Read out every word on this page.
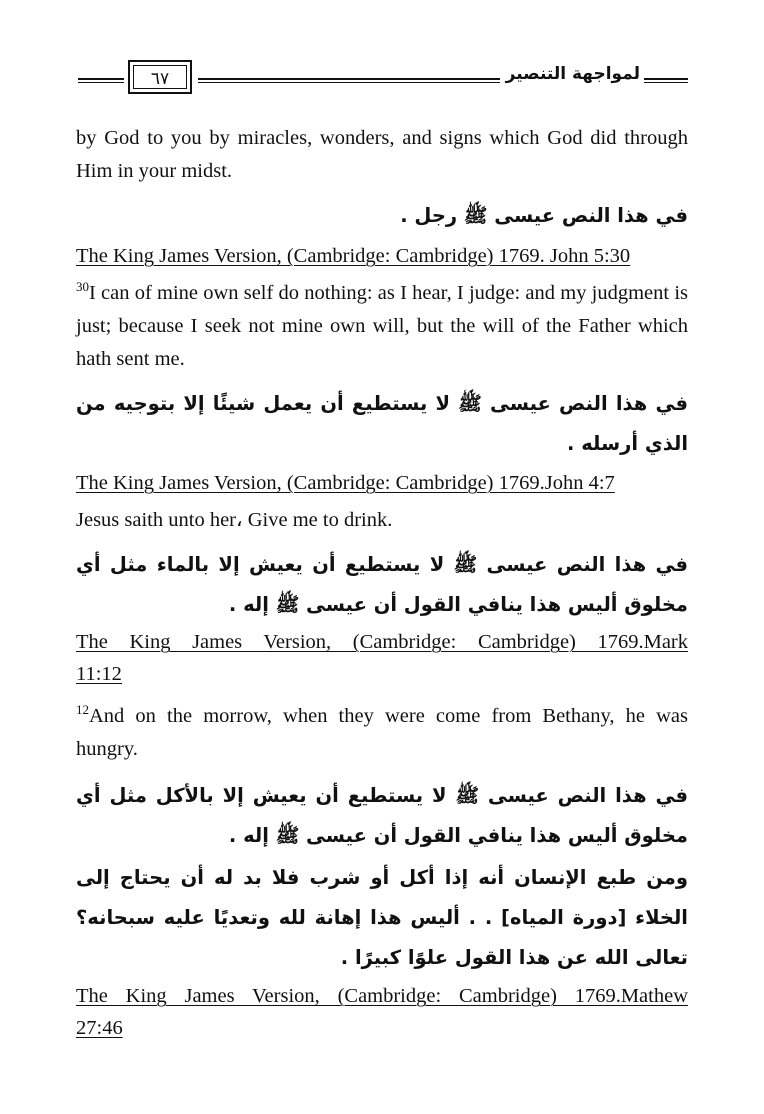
٦٧	لمواجهة التنصير
by God to you by miracles, wonders, and signs which God did through Him in your midst.
في هذا النص عيسى ﷺ رجل .
The King James Version, (Cambridge: Cambridge) 1769. John 5:30
$^{30}$I can of mine own self do nothing: as I hear, I judge: and my judgment is just; because I seek not mine own will, but the will of the Father which hath sent me.
في هذا النص عيسى ﷺ لا يستطيع أن يعمل شيئًا إلا بتوجيه من الذي أرسله .
The King James Version, (Cambridge: Cambridge) 1769.John 4:7
Jesus saith unto her، Give me to drink.
في هذا النص عيسى ﷺ لا يستطيع أن يعيش إلا بالماء مثل أي مخلوق أليس هذا ينافي القول أن عيسى ﷺ إله .
The King James Version, (Cambridge: Cambridge) 1769.Mark
11:12
$^{12}$And on the morrow, when they were come from Bethany, he was hungry.
في هذا النص عيسى ﷺ لا يستطيع أن يعيش إلا بالأكل مثل أي مخلوق أليس هذا ينافي القول أن عيسى ﷺ إله .
ومن طبع الإنسان أنه إذا أكل أو شرب فلا بد له أن يحتاج إلى الخلاء [دورة المياه] . . أليس هذا إهانة لله وتعديًا عليه سبحانه؟ تعالى الله عن هذا القول علوًا كبيرًا .
The King James Version, (Cambridge: Cambridge) 1769.Mathew
27:46
